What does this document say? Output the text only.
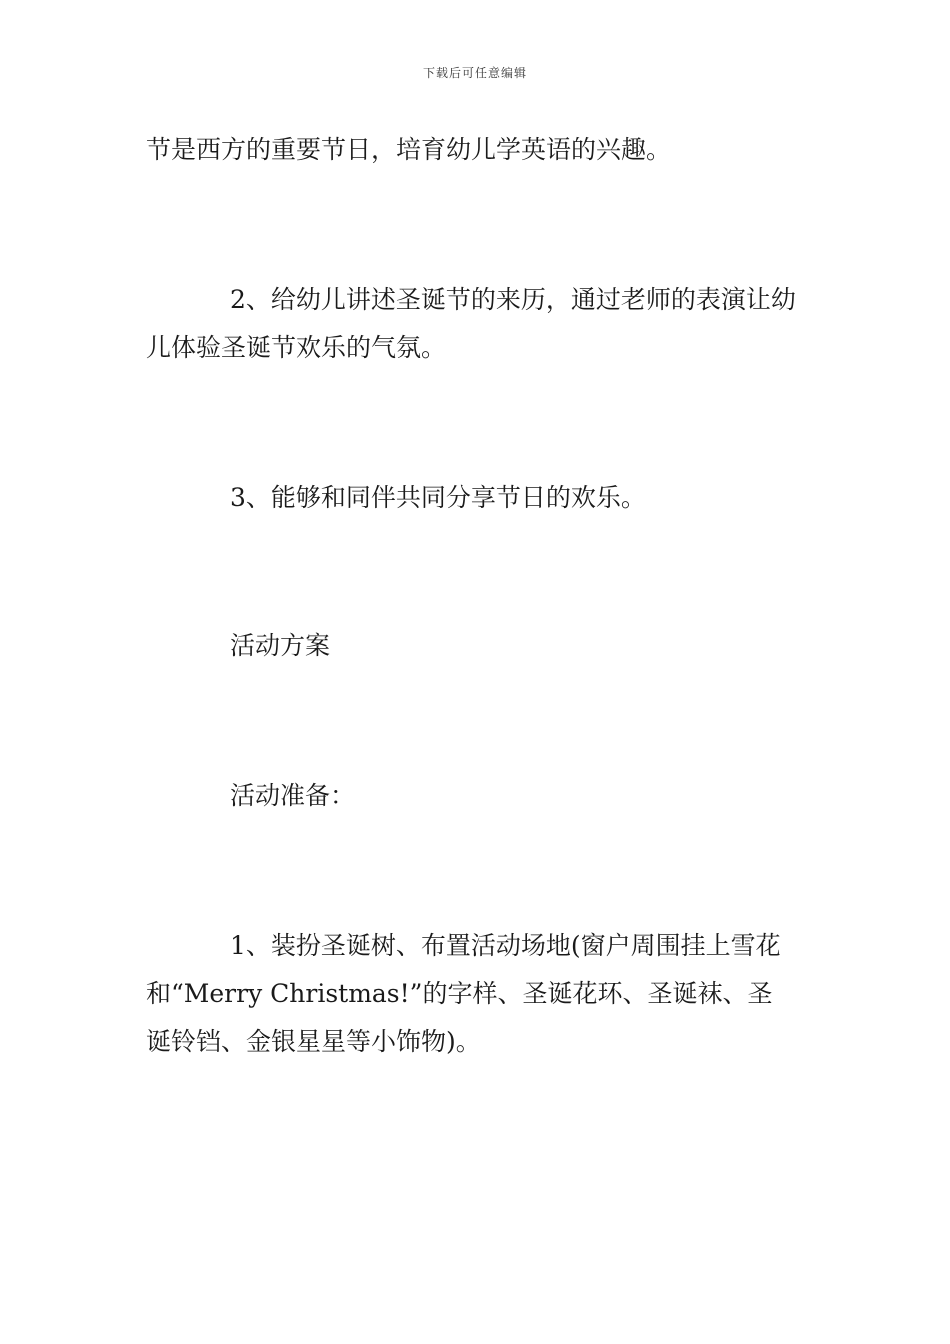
下载后可任意编辑
节是西方的重要节日，培育幼儿学英语的兴趣。
2、给幼儿讲述圣诞节的来历，通过老师的表演让幼
儿体验圣诞节欢乐的气氛。
3、能够和同伴共同分享节日的欢乐。
活动方案
活动准备：
1、装扮圣诞树、布置活动场地(窗户周围挂上雪花
和“Merry Christmas!”的字样、圣诞花环、圣诞袜、圣
诞铃铛、金银星星等小饰物)。
